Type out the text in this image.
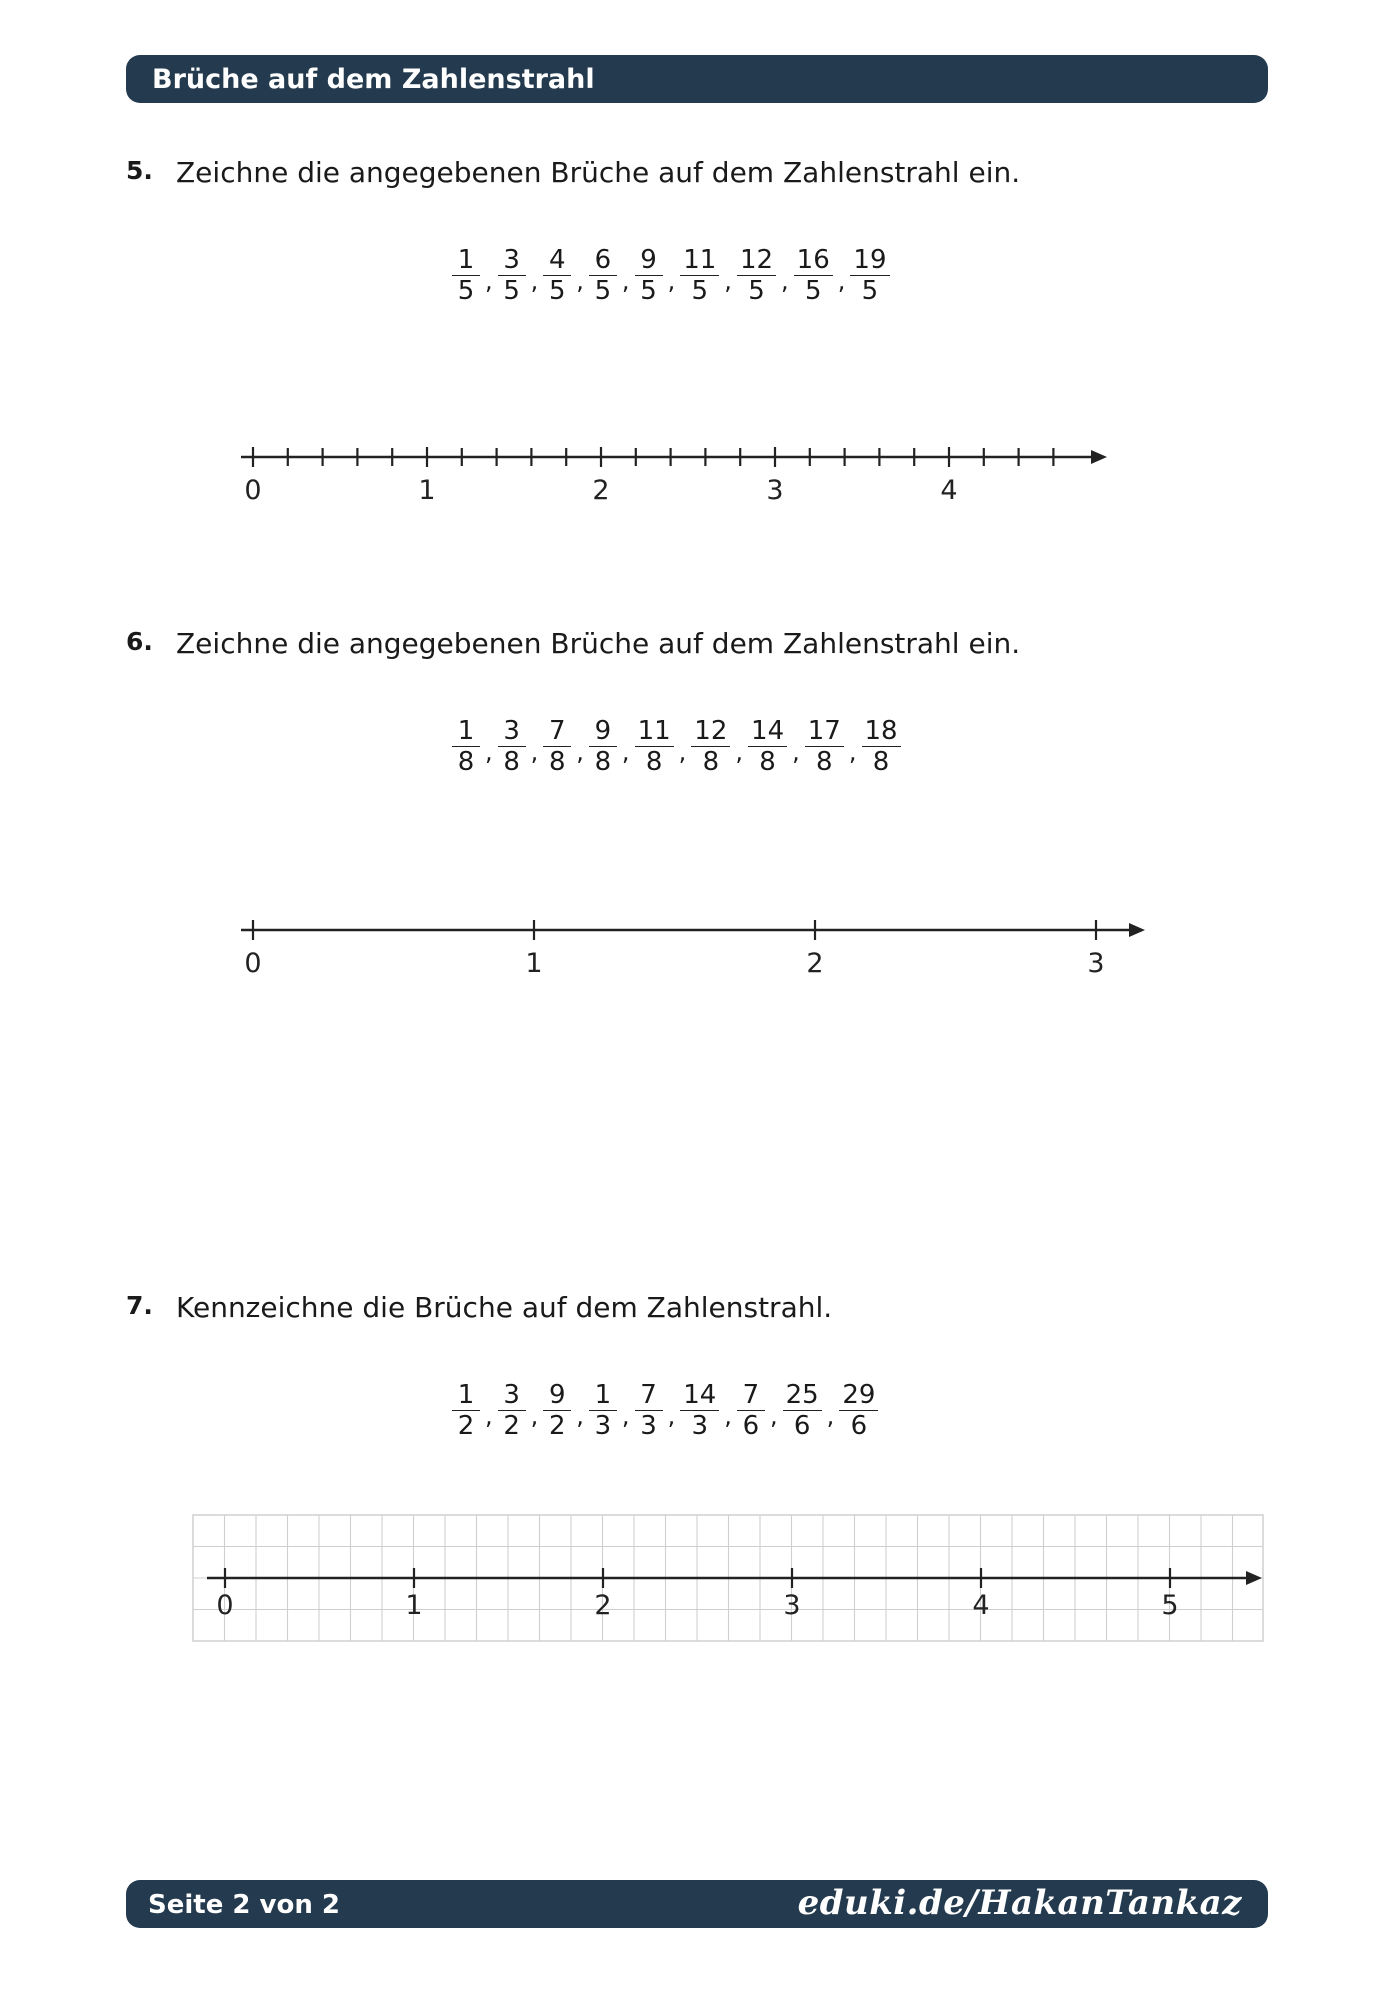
Brüche auf dem Zahlenstrahl
5. Zeichne die angegebenen Brüche auf dem Zahlenstrahl ein.
$\frac{1}{5}$ , $\frac{3}{5}$ , $\frac{4}{5}$ , $\frac{6}{5}$ , $\frac{9}{5}$ , $\frac{11}{5}$ , $\frac{12}{5}$ , $\frac{16}{5}$ , $\frac{19}{5}$
0	1	2	3	4
6. Zeichne die angegebenen Brüche auf dem Zahlenstrahl ein.
$\frac{1}{8}$ , $\frac{3}{8}$ , $\frac{7}{8}$ , $\frac{9}{8}$ , $\frac{11}{8}$ , $\frac{12}{8}$ , $\frac{14}{8}$ , $\frac{17}{8}$ , $\frac{18}{8}$
0	1	2	3
7. Kennzeichne die Brüche auf dem Zahlenstrahl.
$\frac{1}{2}$ , $\frac{3}{2}$ , $\frac{9}{2}$ , $\frac{1}{3}$ , $\frac{7}{3}$ , $\frac{14}{3}$ , $\frac{7}{6}$ , $\frac{25}{6}$ , $\frac{29}{6}$
0	1	2	3	4	5
Seite 2 von 2	eduki.de/HakanTankaz
